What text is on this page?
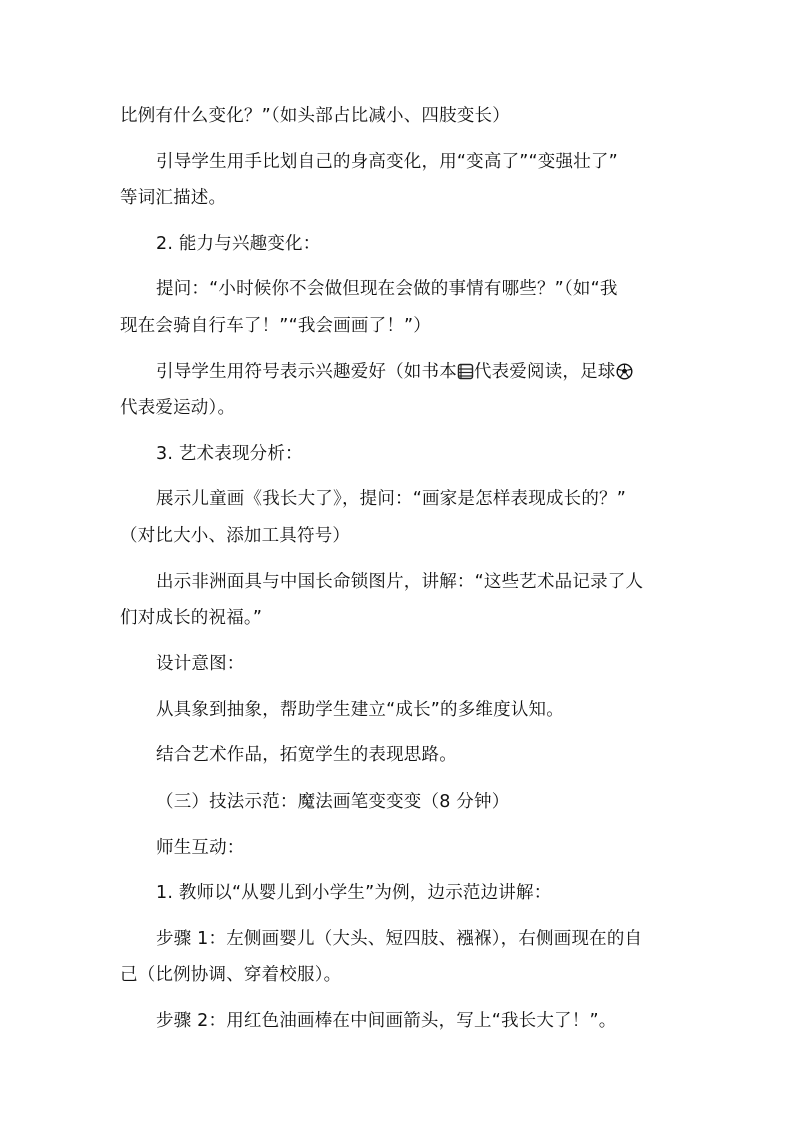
比例有什么变化？”（如头部占比减小、四肢变长）
引导学生用手比划自己的身高变化，用“变高了”“变强壮了”
等词汇描述。
2. 能力与兴趣变化：
提问：“小时候你不会做但现在会做的事情有哪些？”（如“我
现在会骑自行车了！”“我会画画了！”）
引导学生用符号表示兴趣爱好（如书本 代表爱阅读，足球
代表爱运动）。
3. 艺术表现分析：
展示儿童画《我长大了》，提问：“画家是怎样表现成长的？”
（对比大小、添加工具符号）
出示非洲面具与中国长命锁图片，讲解：“这些艺术品记录了人
们对成长的祝福。”
设计意图：
从具象到抽象，帮助学生建立“成长”的多维度认知。
结合艺术作品，拓宽学生的表现思路。
（三）技法示范：魔法画笔变变变（8 分钟）
师生互动：
1. 教师以“从婴儿到小学生”为例，边示范边讲解：
步骤 1：左侧画婴儿（大头、短四肢、襁褓），右侧画现在的自
己（比例协调、穿着校服）。
步骤 2：用红色油画棒在中间画箭头，写上“我长大了！”。
